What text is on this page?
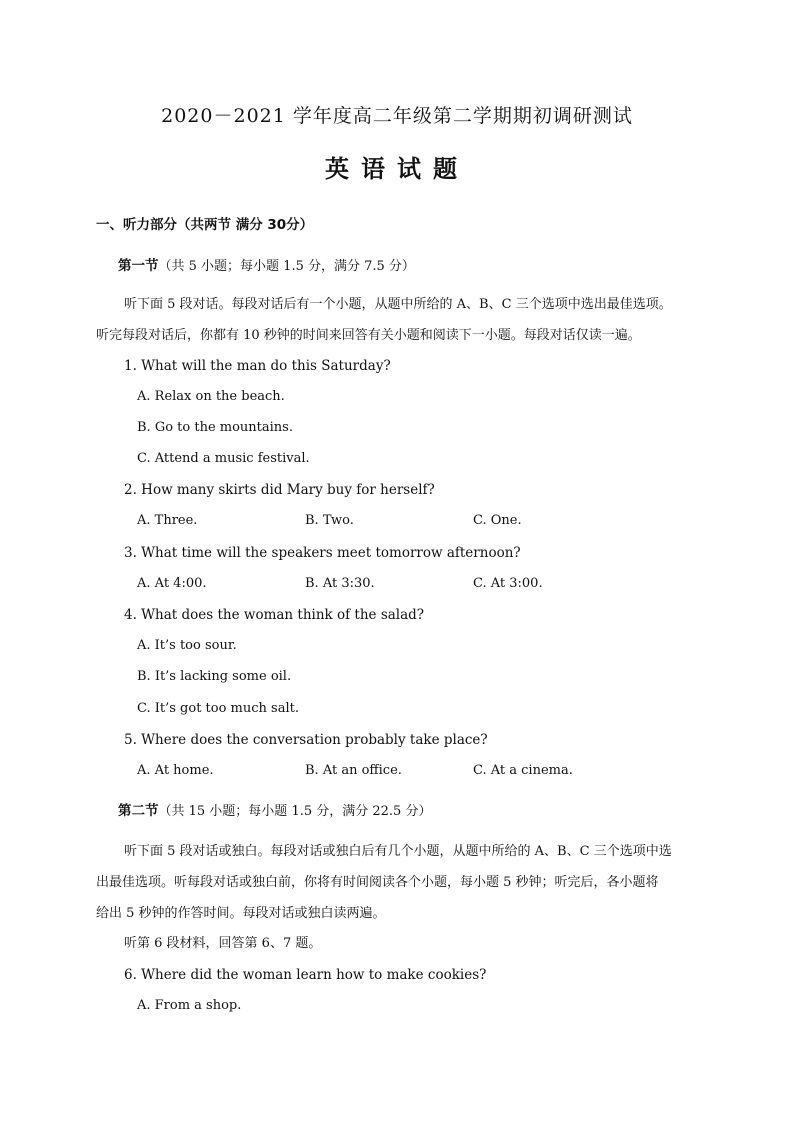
2020－2021 学年度高二年级第二学期期初调研测试
英语试题
一、听力部分（共两节 满分 30分）
第一节（共 5 小题；每小题 1.5 分，满分 7.5 分）
听下面 5 段对话。每段对话后有一个小题，从题中所给的 A、B、C 三个选项中选出最佳选项。
听完每段对话后，你都有 10 秒钟的时间来回答有关小题和阅读下一小题。每段对话仅读一遍。
1. What will the man do this Saturday?
A. Relax on the beach.
B. Go to the mountains.
C. Attend a music festival.
2. How many skirts did Mary buy for herself?
A. Three.	B. Two.	C. One.
3. What time will the speakers meet tomorrow afternoon?
A. At 4:00.	B. At 3:30.	C. At 3:00.
4. What does the woman think of the salad?
A. It’s too sour.
B. It’s lacking some oil.
C. It’s got too much salt.
5. Where does the conversation probably take place?
A. At home.	B. At an office.	C. At a cinema.
第二节（共 15 小题；每小题 1.5 分，满分 22.5 分）
听下面 5 段对话或独白。每段对话或独白后有几个小题，从题中所给的 A、B、C 三个选项中选
出最佳选项。听每段对话或独白前，你将有时间阅读各个小题，每小题 5 秒钟；听完后，各小题将
给出 5 秒钟的作答时间。每段对话或独白读两遍。
听第 6 段材料，回答第 6、7 题。
6. Where did the woman learn how to make cookies?
A. From a shop.
